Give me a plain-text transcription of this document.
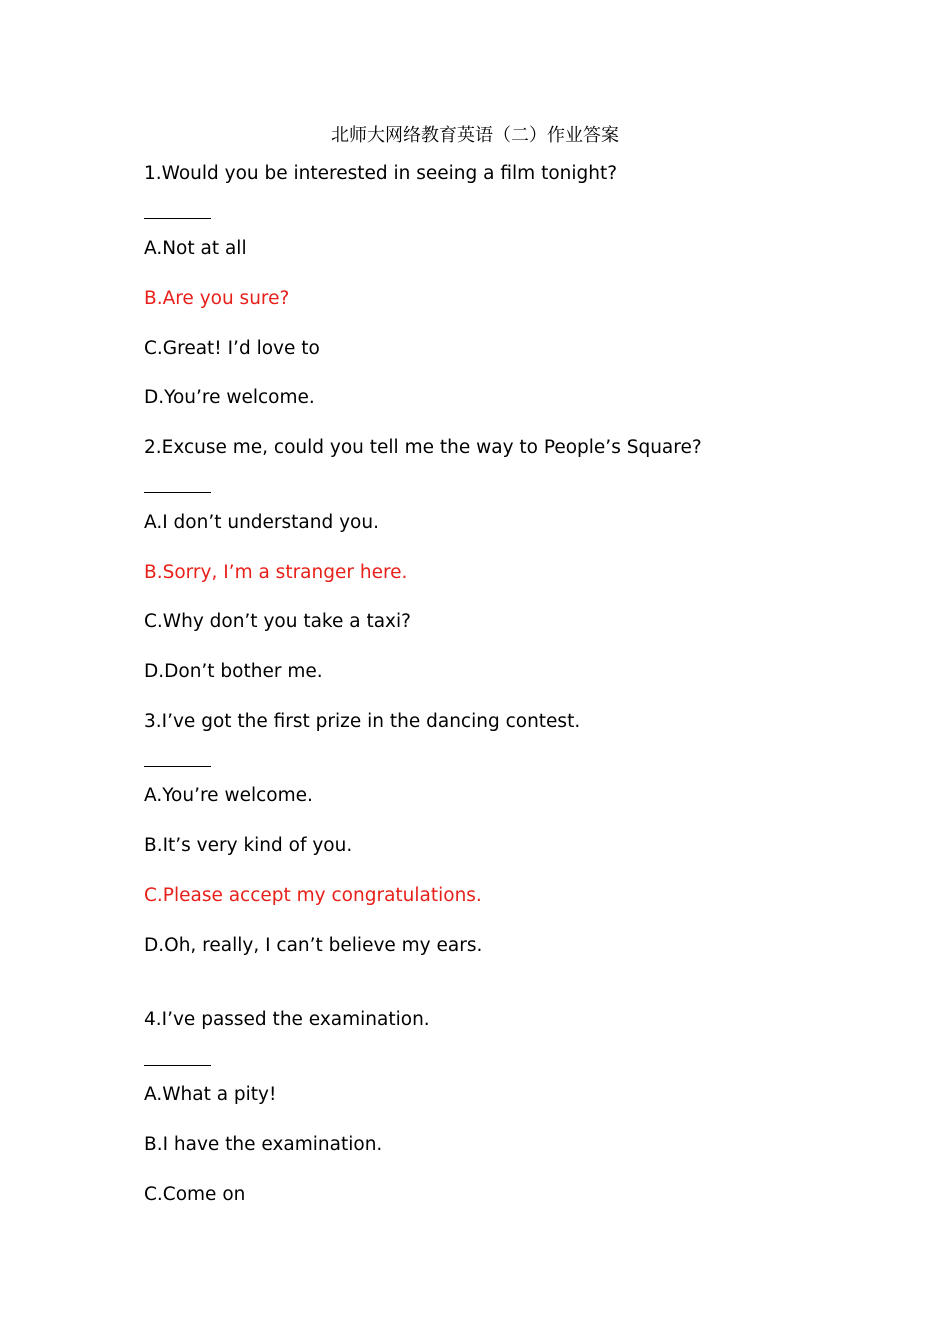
北师大网络教育英语（二）作业答案
1.Would you be interested in seeing a film tonight?
A.Not at all
B.Are you sure?
C.Great! I’d love to
D.You’re welcome.
2.Excuse me, could you tell me the way to People’s Square?
A.I don’t understand you.
B.Sorry, I’m a stranger here.
C.Why don’t you take a taxi?
D.Don’t bother me.
3.I’ve got the first prize in the dancing contest.
A.You’re welcome.
B.It’s very kind of you.
C.Please accept my congratulations.
D.Oh, really, I can’t believe my ears.
4.I’ve passed the examination.
A.What a pity!
B.I have the examination.
C.Come on
